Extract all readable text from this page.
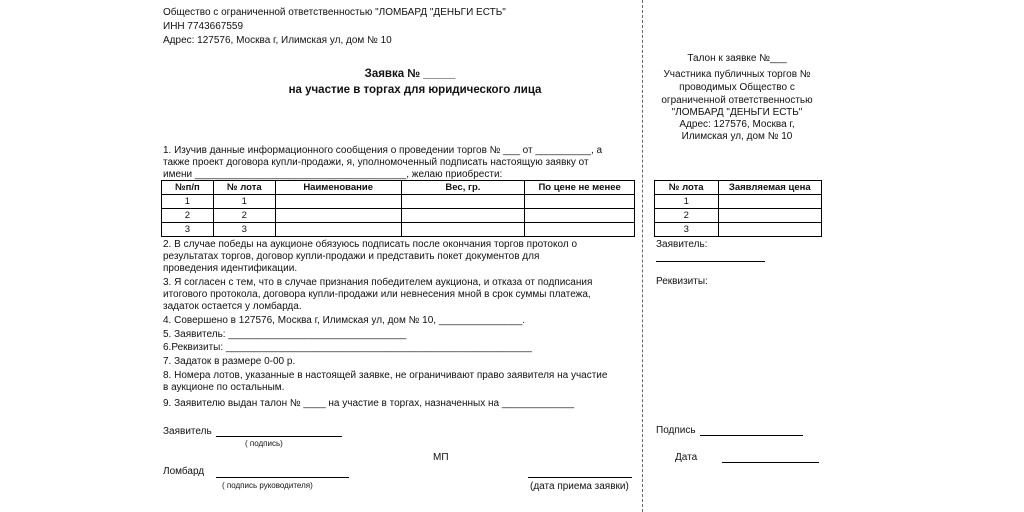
Общество с ограниченной ответственностью "ЛОМБАРД "ДЕНЬГИ ЕСТЬ"
ИНН 7743667559
Адрес: 127576, Москва г, Илимская ул, дом № 10
Заявка № _____
на участие в торгах для юридического лица
1. Изучив данные информационного сообщения о проведении торгов № ___ от __________, а
также проект договора купли-продажи, я, уполномоченный подписать настоящую заявку от
имени ______________________________________, желаю приобрести:
№п/п	№ лота	Наименование	Вес, гр.	По цене не менее
1	1			
2	2			
3	3			
2. В случае победы на аукционе обязуюсь подписать после окончания торгов протокол о
результатах торгов, договор купли-продажи и представить покет документов для
проведения идентификации.
3. Я согласен с тем, что в случае признания победителем аукциона, и отказа от подписания
итогового протокола, договора купли-продажи или невнесения мной в срок суммы платежа,
задаток остается у ломбарда.
4. Совершено в 127576, Москва г, Илимская ул, дом № 10, _______________.
5. Заявитель: ________________________________
6.Реквизиты: _______________________________________________________
7. Задаток в размере 0-00 р.
8. Номера лотов, указанные в настоящей заявке, не ограничивают право заявителя на участие
в аукционе по остальным.
9. Заявителю выдан талон № ____ на участие в торгах, назначенных на _____________
Заявитель
( подпись)
МП
Ломбард
( подпись руководителя)	(дата приема заявки)
Талон к заявке №___
Участника публичных торгов №
проводимых Общество с
ограниченной ответственностью
"ЛОМБАРД "ДЕНЬГИ ЕСТЬ"
Адрес: 127576, Москва г,
Илимская ул, дом № 10
№ лота	Заявляемая цена
1	
2	
3	
Заявитель:
Реквизиты:
Подпись
Дата
